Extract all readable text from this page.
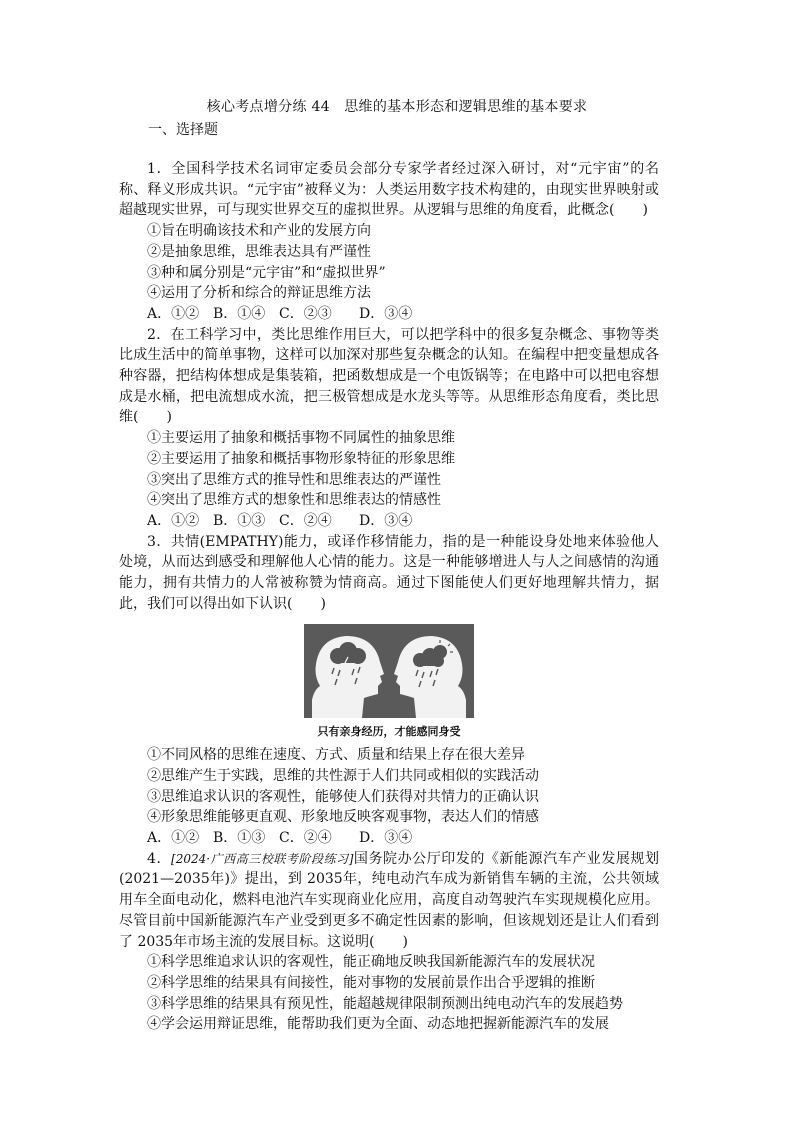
核心考点增分练 44　思维的基本形态和逻辑思维的基本要求
一、选择题

1．全国科学技术名词审定委员会部分专家学者经过深入研讨，对“元宇宙”的名称、释义形成共识。“元宇宙”被释义为：人类运用数字技术构建的，由现实世界映射或超越现实世界，可与现实世界交互的虚拟世界。从逻辑与思维的角度看，此概念(　　)

①旨在明确该技术和产业的发展方向

②是抽象思维，思维表达具有严谨性

③种和属分别是“元宇宙”和“虚拟世界”

④运用了分析和综合的辩证思维方法

A．①② B．①④ C．②③ D．③④

2．在工科学习中，类比思维作用巨大，可以把学科中的很多复杂概念、事物等类比成生活中的简单事物，这样可以加深对那些复杂概念的认知。在编程中把变量想成各种容器，把结构体想成是集装箱，把函数想成是一个电饭锅等；在电路中可以把电容想成是水桶，把电流想成水流，把三极管想成是水龙头等等。从思维形态角度看，类比思维(　　)

①主要运用了抽象和概括事物不同属性的抽象思维

②主要运用了抽象和概括事物形象特征的形象思维

③突出了思维方式的推导性和思维表达的严谨性

④突出了思维方式的想象性和思维表达的情感性

A．①② B．①③ C．②④ D．③④

3．共情(EMPATHY)能力，或译作移情能力，指的是一种能设身处地来体验他人处境，从而达到感受和理解他人心情的能力。这是一种能够增进人与人之间感情的沟通能力，拥有共情力的人常被称赞为情商高。通过下图能使人们更好地理解共情力，据此，我们可以得出如下认识(　　)

只有亲身经历，才能感同身受

①不同风格的思维在速度、方式、质量和结果上存在很大差异

②思维产生于实践，思维的共性源于人们共同或相似的实践活动

③思维追求认识的客观性，能够使人们获得对共情力的正确认识

④形象思维能够更直观、形象地反映客观事物，表达人们的情感

A．①② B．①③ C．②④ D．③④

4．[2024·广西高三校联考阶段练习]国务院办公厅印发的《新能源汽车产业发展规划(2021—2035年)》提出，到 2035年，纯电动汽车成为新销售车辆的主流，公共领域用车全面电动化，燃料电池汽车实现商业化应用，高度自动驾驶汽车实现规模化应用。尽管目前中国新能源汽车产业受到更多不确定性因素的影响，但该规划还是让人们看到了 2035年市场主流的发展目标。这说明(　　)

①科学思维追求认识的客观性，能正确地反映我国新能源汽车的发展状况

②科学思维的结果具有间接性，能对事物的发展前景作出合乎逻辑的推断

③科学思维的结果具有预见性，能超越规律限制预测出纯电动汽车的发展趋势

④学会运用辩证思维，能帮助我们更为全面、动态地把握新能源汽车的发展
